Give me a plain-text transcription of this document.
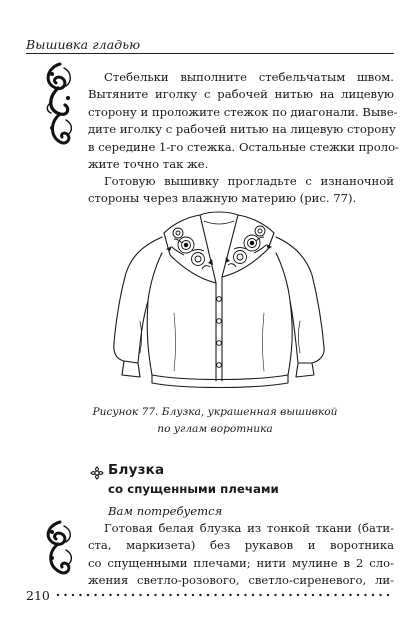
Вышивка гладью
Стебельки выполните стебельчатым швом.
Вытяните иголку с рабочей нитью на лицевую
сторону и проложите стежок по диагонали. Выве-
дите иголку с рабочей нитью на лицевую сторону
в середине 1-го стежка. Остальные стежки проло-
жите точно так же.
Готовую вышивку прогладьте с изнаночной
стороны через влажную материю (рис. 77).
Рисунок 77. Блузка, украшенная вышивкой
по углам воротника
Блузка
со спущенными плечами
Вам потребуется
Готовая белая блузка из тонкой ткани (бати-
ста, маркизета) без рукавов и воротника
со спущенными плечами; нити мулине в 2 сло-
жения светло-розового, светло-сиреневого, ли-
210
